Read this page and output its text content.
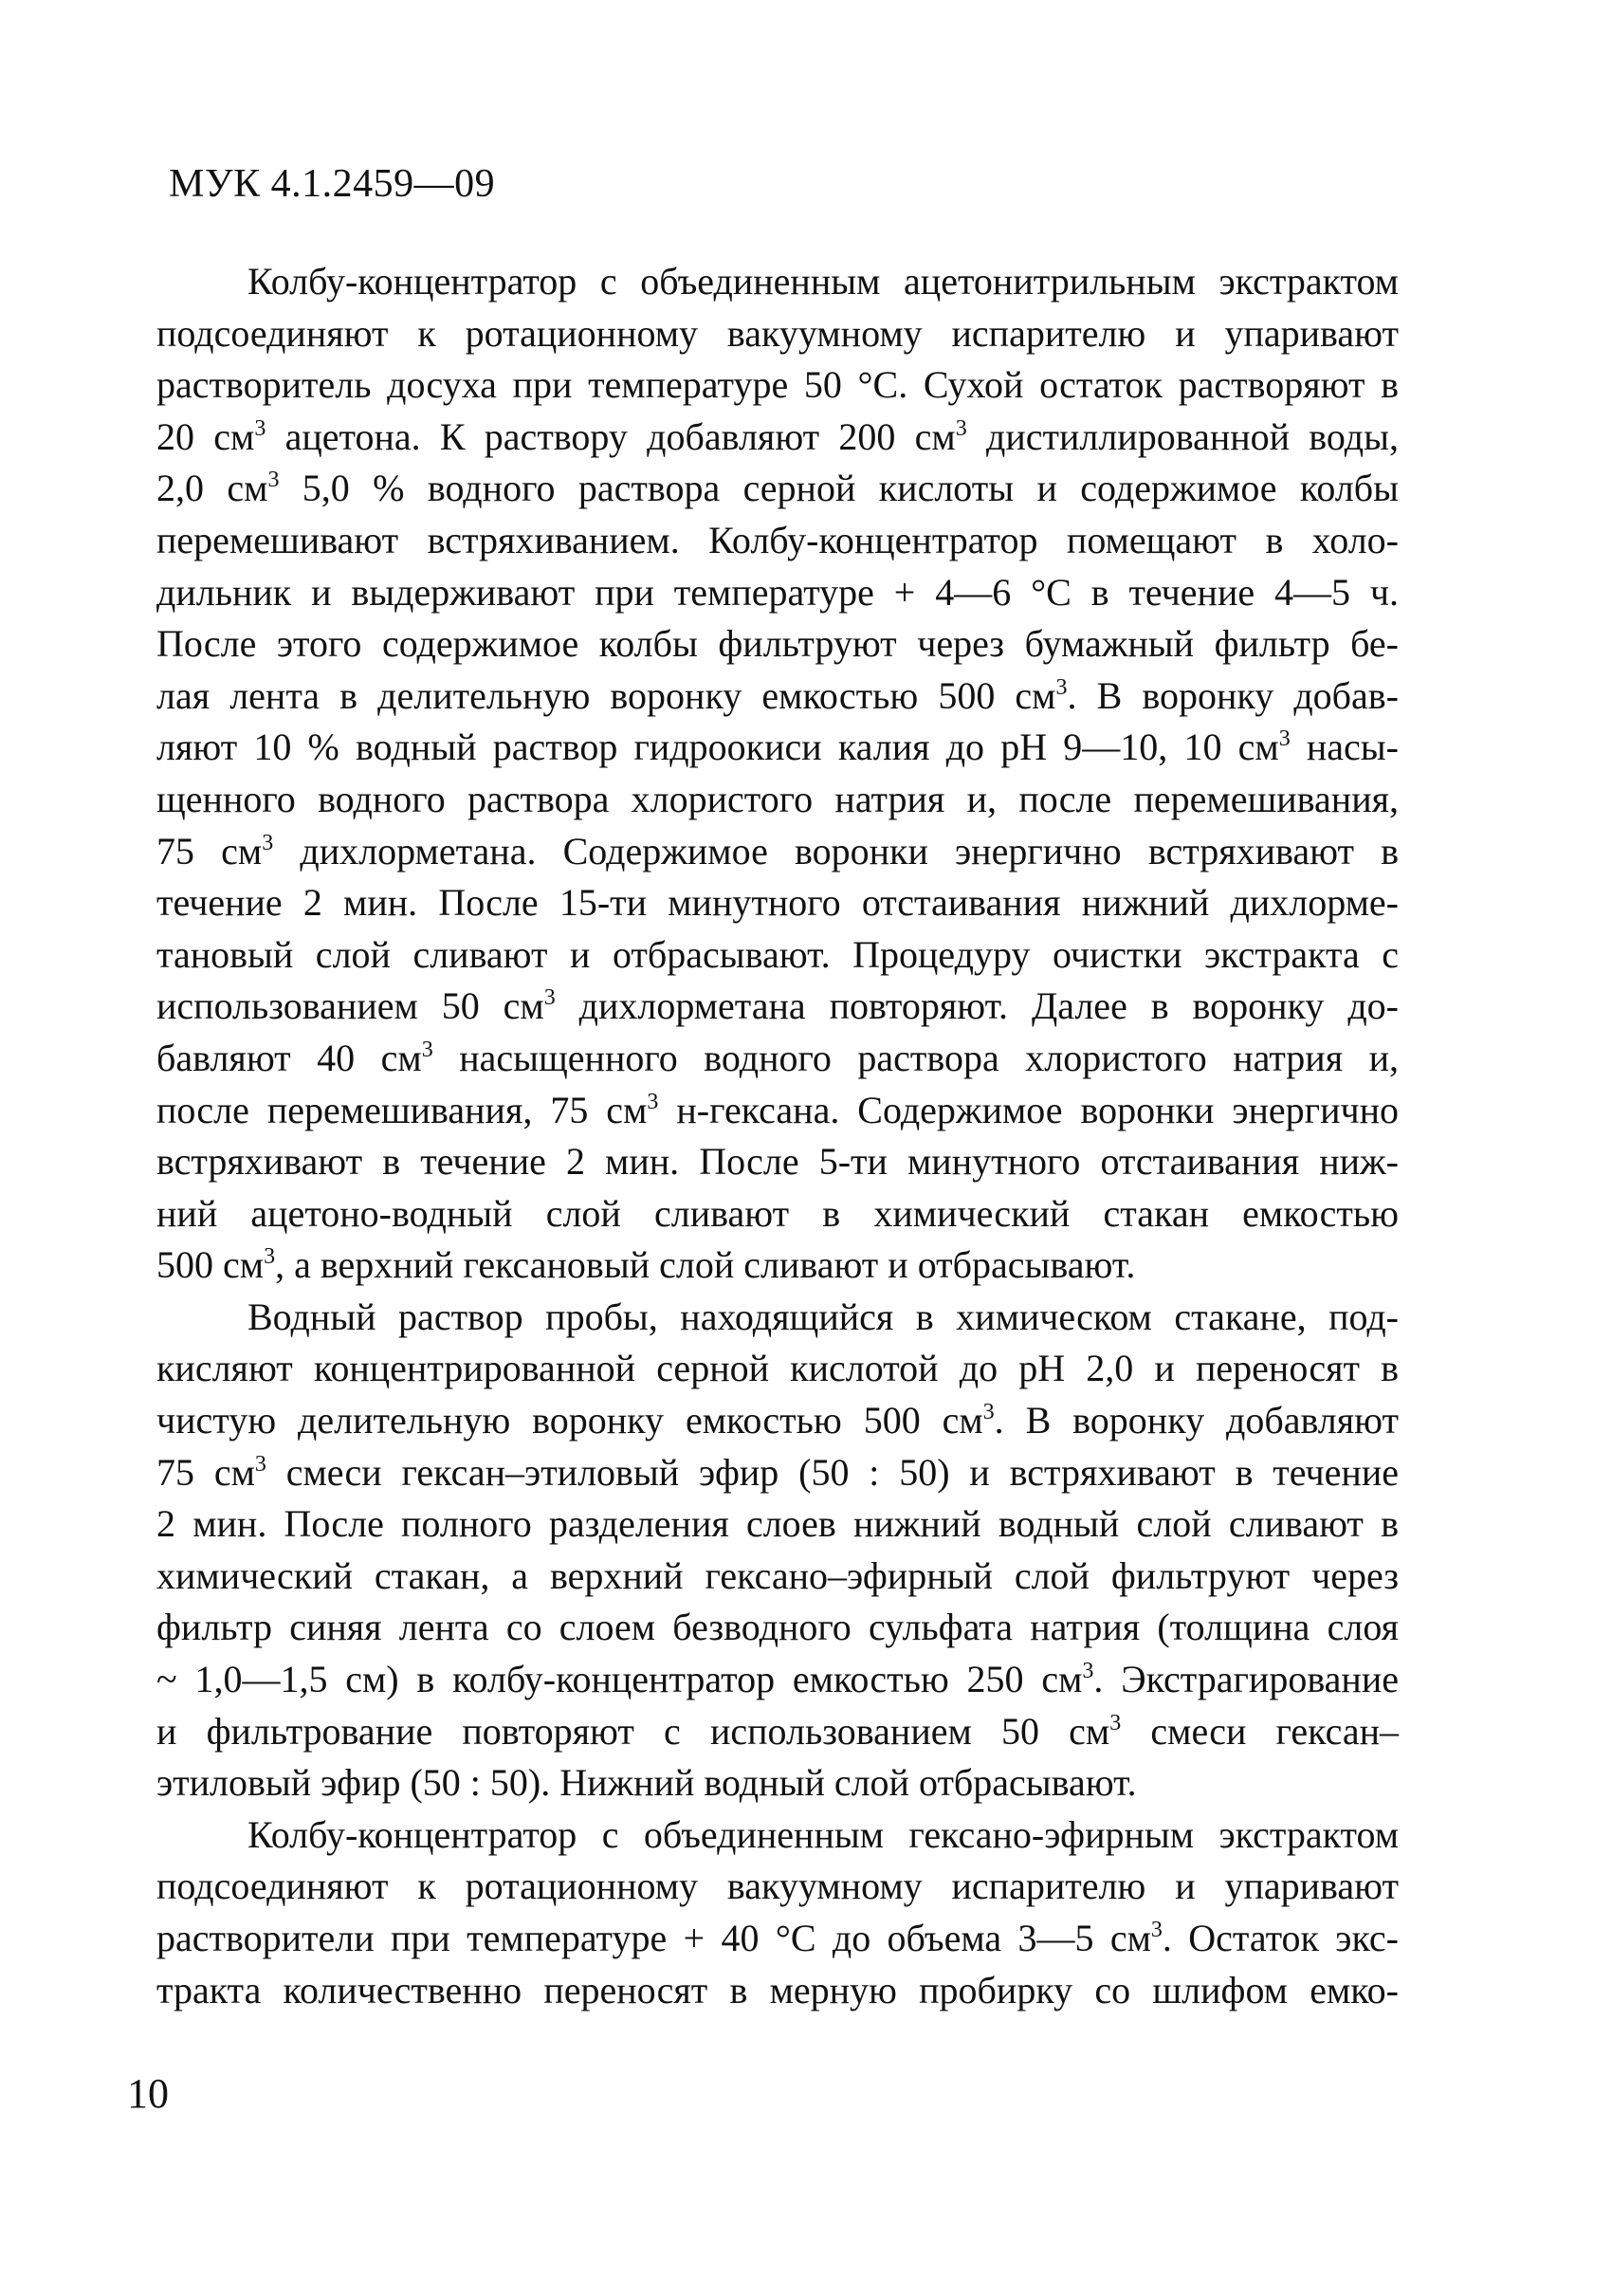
МУК 4.1.2459—09
Колбу-концентратор с объединенным ацетонитрильным экстрактом
подсоединяют к ротационному вакуумному испарителю и упаривают
растворитель досуха при температуре 50 °С. Сухой остаток растворяют в
20 $см^3$ ацетона. К раствору добавляют 200 $см^3$ дистиллированной воды,
2,0 $см^3$ 5,0 % водного раствора серной кислоты и содержимое колбы
перемешивают встряхиванием. Колбу-концентратор помещают в холо-
дильник и выдерживают при температуре + 4—6 °С в течение 4—5 ч.
После этого содержимое колбы фильтруют через бумажный фильтр бе-
лая лента в делительную воронку емкостью 500 $см^3$. В воронку добав-
ляют 10 % водный раствор гидроокиси калия до pH 9—10, 10 $см^3$ насы-
щенного водного раствора хлористого натрия и, после перемешивания,
75 $см^3$ дихлорметана. Содержимое воронки энергично встряхивают в
течение 2 мин. После 15-ти минутного отстаивания нижний дихлорме-
тановый слой сливают и отбрасывают. Процедуру очистки экстракта с
использованием 50 $см^3$ дихлорметана повторяют. Далее в воронку до-
бавляют 40 $см^3$ насыщенного водного раствора хлористого натрия и,
после перемешивания, 75 $см^3$ н-гексана. Содержимое воронки энергично
встряхивают в течение 2 мин. После 5-ти минутного отстаивания ниж-
ний ацетоно-водный слой сливают в химический стакан емкостью
500 $см^3$, а верхний гексановый слой сливают и отбрасывают.
Водный раствор пробы, находящийся в химическом стакане, под-
кисляют концентрированной серной кислотой до pH 2,0 и переносят в
чистую делительную воронку емкостью 500 $см^3$. В воронку добавляют
75 $см^3$ смеси гексан–этиловый эфир (50 : 50) и встряхивают в течение
2 мин. После полного разделения слоев нижний водный слой сливают в
химический стакан, а верхний гексано–эфирный слой фильтруют через
фильтр синяя лента со слоем безводного сульфата натрия (толщина слоя
~ 1,0—1,5 см) в колбу-концентратор емкостью 250 $см^3$. Экстрагирование
и фильтрование повторяют с использованием 50 $см^3$ смеси гексан–
этиловый эфир (50 : 50). Нижний водный слой отбрасывают.
Колбу-концентратор с объединенным гексано-эфирным экстрактом
подсоединяют к ротационному вакуумному испарителю и упаривают
растворители при температуре + 40 °С до объема 3—5 $см^3$. Остаток экс-
тракта количественно переносят в мерную пробирку со шлифом емко-
10
